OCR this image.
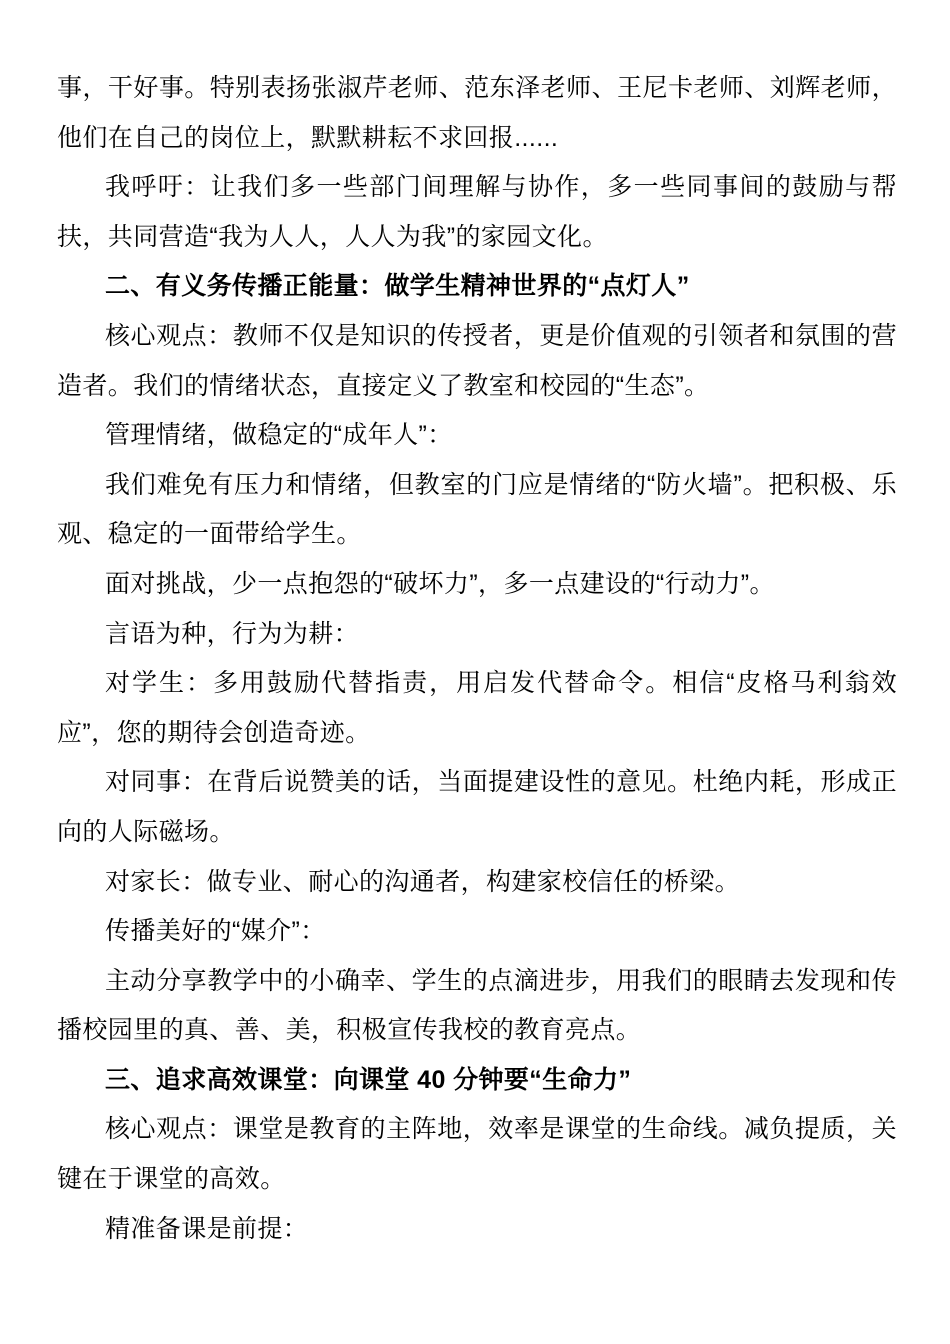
事，干好事。特别表扬张淑芹老师、范东泽老师、王尼卡老师、刘辉老师，他们在自己的岗位上，默默耕耘不求回报......

我呼吁：让我们多一些部门间理解与协作，多一些同事间的鼓励与帮扶，共同营造“我为人人，人人为我”的家园文化。

二、有义务传播正能量：做学生精神世界的“点灯人”

核心观点：教师不仅是知识的传授者，更是价值观的引领者和氛围的营造者。我们的情绪状态，直接定义了教室和校园的“生态”。

管理情绪，做稳定的“成年人”：

我们难免有压力和情绪，但教室的门应是情绪的“防火墙”。把积极、乐观、稳定的一面带给学生。

面对挑战，少一点抱怨的“破坏力”，多一点建设的“行动力”。

言语为种，行为为耕：

对学生：多用鼓励代替指责，用启发代替命令。相信“皮格马利翁效应”，您的期待会创造奇迹。

对同事：在背后说赞美的话，当面提建设性的意见。杜绝内耗，形成正向的人际磁场。

对家长：做专业、耐心的沟通者，构建家校信任的桥梁。

传播美好的“媒介”：

主动分享教学中的小确幸、学生的点滴进步，用我们的眼睛去发现和传播校园里的真、善、美，积极宣传我校的教育亮点。

三、追求高效课堂：向课堂 40 分钟要“生命力”

核心观点：课堂是教育的主阵地，效率是课堂的生命线。减负提质，关键在于课堂的高效。

精准备课是前提：
